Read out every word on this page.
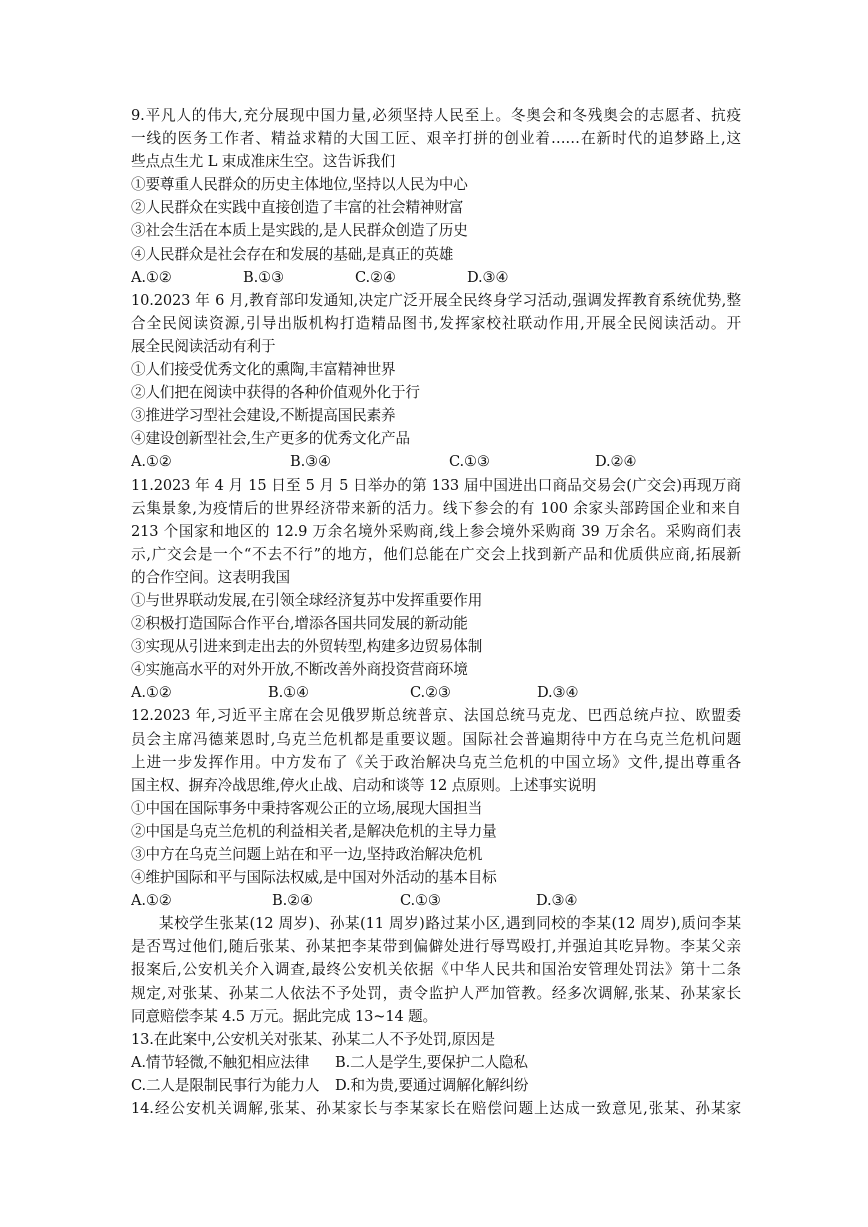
9.平凡人的伟大,充分展现中国力量,必须坚持人民至上。冬奥会和冬残奥会的志愿者、抗疫
一线的医务工作者、精益求精的大国工匠、艰辛打拼的创业着……在新时代的追梦路上,这
些点点生尤 L 束成准床生空。这告诉我们
①要尊重人民群众的历史主体地位,坚持以人民为中心
②人民群众在实践中直接创造了丰富的社会精神财富
③社会生活在本质上是实践的,是人民群众创造了历史
④人民群众是社会存在和发展的基础,是真正的英雄
A.①②	B.①③	C.②④	D.③④
10.2023 年 6 月,教育部印发通知,决定广泛开展全民终身学习活动,强调发挥教育系统优势,整
合全民阅读资源,引导出版机构打造精品图书,发挥家校社联动作用,开展全民阅读活动。开
展全民阅读活动有利于
①人们接受优秀文化的熏陶,丰富精神世界
②人们把在阅读中获得的各种价值观外化于行
③推进学习型社会建设,不断提高国民素养
④建设创新型社会,生产更多的优秀文化产品
A.①②	B.③④	C.①③	D.②④
11.2023 年 4 月 15 日至 5 月 5 日举办的第 133 届中国进出口商品交易会(广交会)再现万商
云集景象,为疫情后的世界经济带来新的活力。线下参会的有 100 余家头部跨国企业和来自
213 个国家和地区的 12.9 万余名境外采购商,线上参会境外采购商 39 万余名。采购商们表
示,广交会是一个“不去不行”的地方，他们总能在广交会上找到新产品和优质供应商,拓展新
的合作空间。这表明我国
①与世界联动发展,在引领全球经济复苏中发挥重要作用
②积极打造国际合作平台,增添各国共同发展的新动能
③实现从引进来到走出去的外贸转型,构建多边贸易体制
④实施高水平的对外开放,不断改善外商投资营商环境
A.①②	B.①④	C.②③	D.③④
12.2023 年,习近平主席在会见俄罗斯总统普京、法国总统马克龙、巴西总统卢拉、欧盟委
员会主席冯德莱恩时,乌克兰危机都是重要议题。国际社会普遍期待中方在乌克兰危机问题
上进一步发挥作用。中方发布了《关于政治解决乌克兰危机的中国立场》文件,提出尊重各
国主权、摒弃冷战思维,停火止战、启动和谈等 12 点原则。上述事实说明
①中国在国际事务中秉持客观公正的立场,展现大国担当
②中国是乌克兰危机的利益相关者,是解决危机的主导力量
③中方在乌克兰问题上站在和平一边,坚持政治解决危机
④维护国际和平与国际法权威,是中国对外活动的基本目标
A.①②	B.②④	C.①③	D.③④
某校学生张某(12 周岁)、孙某(11 周岁)路过某小区,遇到同校的李某(12 周岁),质问李某
是否骂过他们,随后张某、孙某把李某带到偏僻处进行辱骂殴打,并强迫其吃异物。李某父亲
报案后,公安机关介入调查,最终公安机关依据《中华人民共和国治安管理处罚法》第十二条
规定,对张某、孙某二人依法不予处罚，责令监护人严加管教。经多次调解,张某、孙某家长
同意赔偿李某 4.5 万元。据此完成 13~14 题。
13.在此案中,公安机关对张某、孙某二人不予处罚,原因是
A.情节轻微,不触犯相应法律	B.二人是学生,要保护二人隐私
C.二人是限制民事行为能力人	D.和为贵,要通过调解化解纠纷
14.经公安机关调解,张某、孙某家长与李某家长在赔偿问题上达成一致意见,张某、孙某家
